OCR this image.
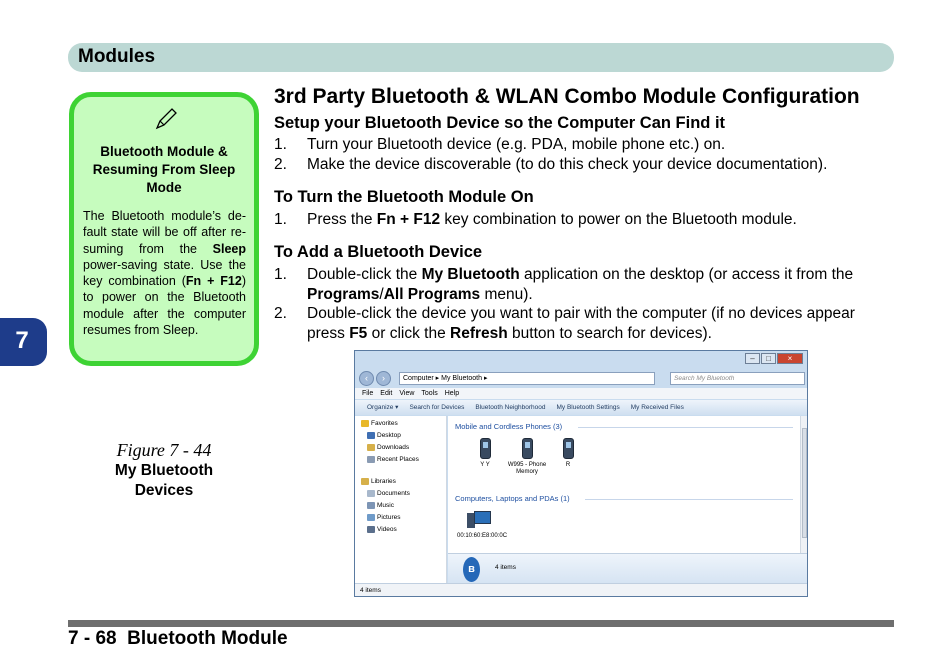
Modules
7
Bluetooth Module & Resuming From Sleep Mode
The Bluetooth module’s de-fault state will be off after re-suming from the Sleep power-saving state. Use the key combination (Fn + F12) to power on the Bluetooth module after the computer resumes from Sleep.
Figure 7 - 44
My Bluetooth Devices
3rd Party Bluetooth & WLAN Combo Module Configuration
Setup your Bluetooth Device so the Computer Can Find it
1. Turn your Bluetooth device (e.g. PDA, mobile phone etc.) on.
2. Make the device discoverable (to do this check your device documentation).
To Turn the Bluetooth Module On
1. Press the Fn + F12 key combination to power on the Bluetooth module.
To Add a Bluetooth Device
1. Double-click the My Bluetooth application on the desktop (or access it from the Programs/All Programs menu).
2. Double-click the device you want to pair with the computer (if no devices appear press F5 or click the Refresh button to search for devices).
–	□	×
‹	›	Computer ▸ My Bluetooth ▸	Search My Bluetooth
File Edit View Tools Help
Organize ▾ Search for Devices Bluetooth Neighborhood My Bluetooth Settings My Received Files
Favorites
Desktop
Downloads
Recent Places
Libraries
Documents
Music
Pictures
Videos
Mobile and Cordless Phones (3)
Y Y	W995 - Phone Memory
R
Computers, Laptops and PDAs (1)
00:10:60:E8:00:0C
ʙ	4 items
4 items
7 - 68 Bluetooth Module
